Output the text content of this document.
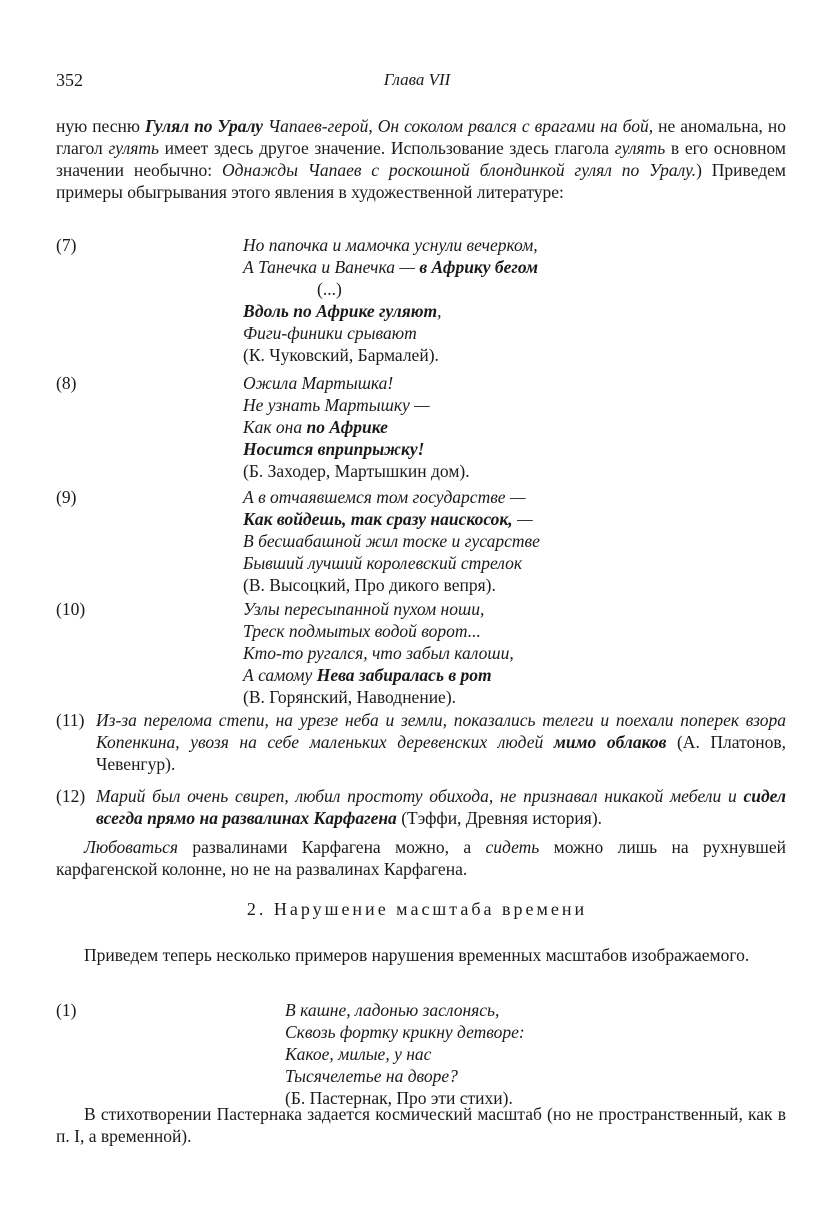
352	Глава VII
ную песню Гулял по Уралу Чапаев-герой, Он соколом рвался с врагами на бой, не аномальна, но глагол гулять имеет здесь другое значение. Использование здесь глагола гулять в его основном значении необычно: Однажды Чапаев с роскошной блондинкой гулял по Уралу.) Приведем примеры обыгрывания этого явления в художественной литературе:
(7)	Но папочка и мамочка уснули вечерком,
А Танечка и Ванечка — в Африку бегом
(...)
Вдоль по Африке гуляют,
Фиги-финики срывают
(К. Чуковский, Бармалей).
(8)	Ожила Мартышка!
Не узнать Мартышку —
Как она по Африке
Носится вприпрыжку!
(Б. Заходер, Мартышкин дом).
(9)	А в отчаявшемся том государстве —
Как войдешь, так сразу наискосок, —
В бесшабашной жил тоске и гусарстве
Бывший лучший королевский стрелок
(В. Высоцкий, Про дикого вепря).
(10)	Узлы пересыпанной пухом ноши,
Треск подмытых водой ворот...
Кто-то ругался, что забыл калоши,
А самому Нева забиралась в рот
(В. Горянский, Наводнение).
(11) Из-за перелома степи, на урезе неба и земли, показались телеги и поехали поперек взора Копенкина, увозя на себе маленьких деревенских людей мимо облаков (А. Платонов, Чевенгур).
(12) Марий был очень свиреп, любил простоту обихода, не признавал никакой мебели и сидел всегда прямо на развалинах Карфагена (Тэффи, Древняя история).
Любоваться развалинами Карфагена можно, а сидеть можно лишь на рухнувшей карфагенской колонне, но не на развалинах Карфагена.
2. Нарушение масштаба времени
Приведем теперь несколько примеров нарушения временных масштабов изображаемого.
(1)	В кашне, ладонью заслонясь,
Сквозь фортку крикну детворе:
Какое, милые, у нас
Тысячелетье на дворе?
(Б. Пастернак, Про эти стихи).
В стихотворении Пастернака задается космический масштаб (но не пространственный, как в п. I, а временной).
